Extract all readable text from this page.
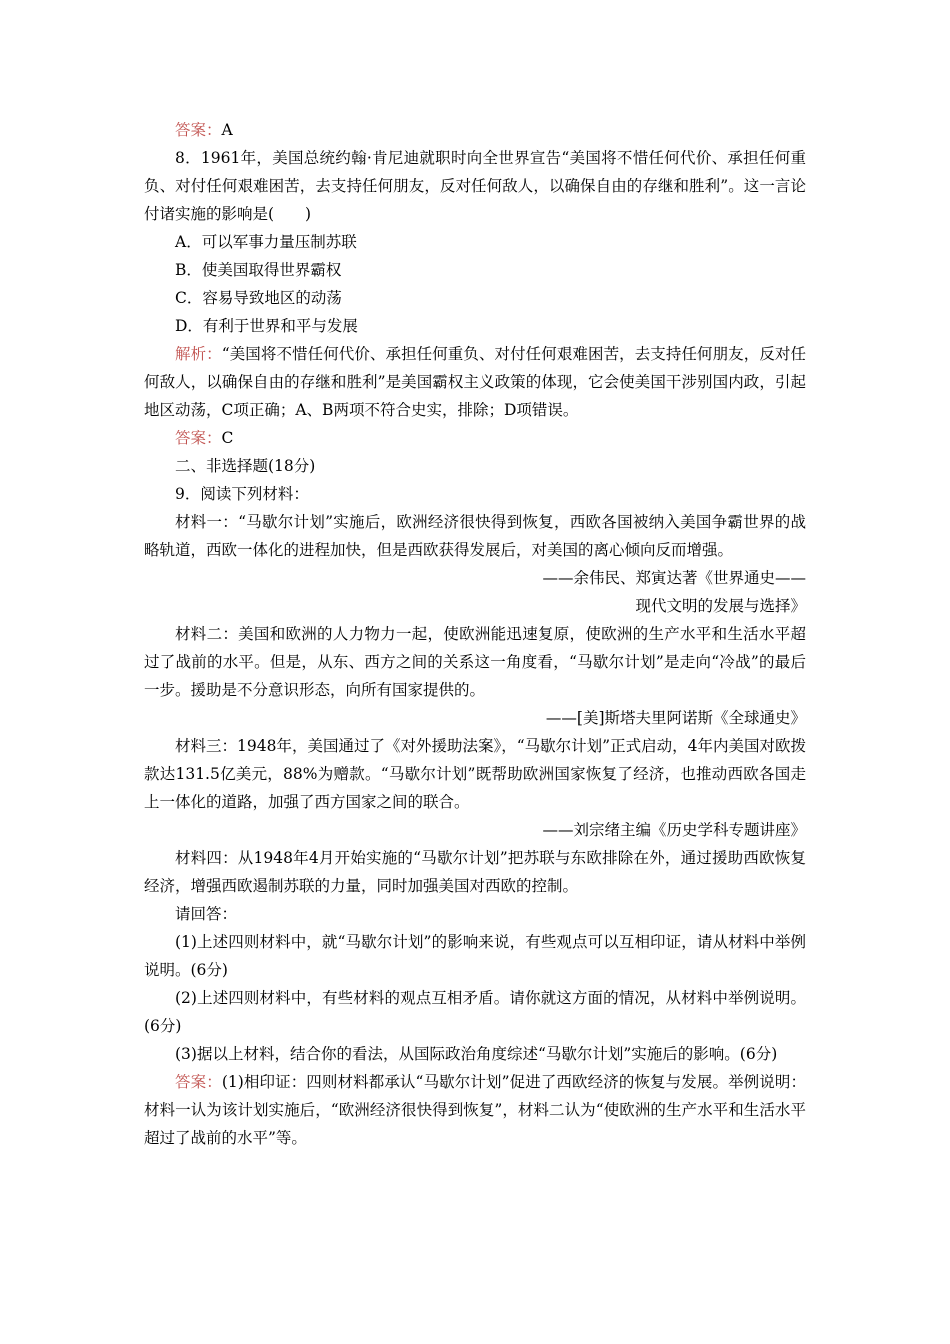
答案：A

8．1961年，美国总统约翰·肯尼迪就职时向全世界宣告“美国将不惜任何代价、承担任何重负、对付任何艰难困苦，去支持任何朋友，反对任何敌人，以确保自由的存继和胜利”。这一言论付诸实施的影响是(　　)

A．可以军事力量压制苏联

B．使美国取得世界霸权

C．容易导致地区的动荡

D．有利于世界和平与发展

解析：“美国将不惜任何代价、承担任何重负、对付任何艰难困苦，去支持任何朋友，反对任何敌人，以确保自由的存继和胜利”是美国霸权主义政策的体现，它会使美国干涉别国内政，引起地区动荡，C项正确；A、B两项不符合史实，排除；D项错误。

答案：C

二、非选择题(18分)

9．阅读下列材料：

材料一：“马歇尔计划”实施后，欧洲经济很快得到恢复，西欧各国被纳入美国争霸世界的战略轨道，西欧一体化的进程加快，但是西欧获得发展后，对美国的离心倾向反而增强。

——余伟民、郑寅达著《世界通史——

现代文明的发展与选择》

材料二：美国和欧洲的人力物力一起，使欧洲能迅速复原，使欧洲的生产水平和生活水平超过了战前的水平。但是，从东、西方之间的关系这一角度看，“马歇尔计划”是走向“冷战”的最后一步。援助是不分意识形态，向所有国家提供的。

——[美]斯塔夫里阿诺斯《全球通史》

材料三：1948年，美国通过了《对外援助法案》，“马歇尔计划”正式启动，4年内美国对欧拨款达131.5亿美元，88%为赠款。“马歇尔计划”既帮助欧洲国家恢复了经济，也推动西欧各国走上一体化的道路，加强了西方国家之间的联合。

——刘宗绪主编《历史学科专题讲座》

材料四：从1948年4月开始实施的“马歇尔计划”把苏联与东欧排除在外，通过援助西欧恢复经济，增强西欧遏制苏联的力量，同时加强美国对西欧的控制。

请回答：

(1)上述四则材料中，就“马歇尔计划”的影响来说，有些观点可以互相印证，请从材料中举例说明。(6分)

(2)上述四则材料中，有些材料的观点互相矛盾。请你就这方面的情况，从材料中举例说明。(6分)

(3)据以上材料，结合你的看法，从国际政治角度综述“马歇尔计划”实施后的影响。(6分)

答案：(1)相印证：四则材料都承认“马歇尔计划”促进了西欧经济的恢复与发展。举例说明：材料一认为该计划实施后，“欧洲经济很快得到恢复”，材料二认为“使欧洲的生产水平和生活水平超过了战前的水平”等。
